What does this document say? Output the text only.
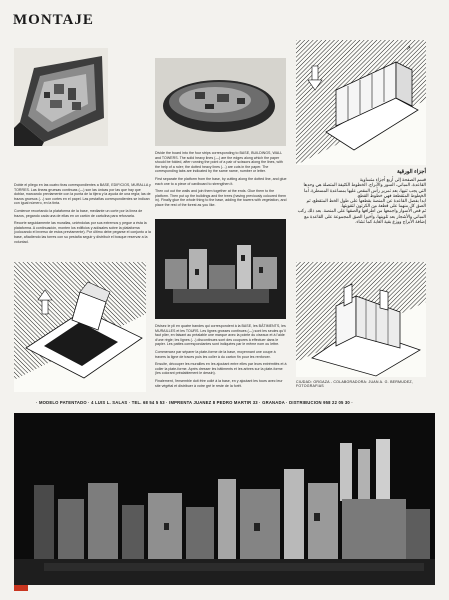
MONTAJE

Doble el pliego en las cuatro tiras correspondientes a BASE, EDIFICIOS, MURALLA y TORRES. Las líneas gruesas continuas (—) son las únicas por las que hay que doblar, marcando previamente con la punta de la tijera y la ayuda de una regla; las de trazos gruesos (- -) son cortes en el papel. Las pestañas correspondientes se indican con igual número, en la tinta.

Comience recortando la plataforma de la base, mediante un corte por la línea de trazos, pegando cada una de ellas en un cartón de cartulina para reforzarla.

Recorte seguidamente las murallas, uniéndolas por sus extremos y pegue a ésta la plataforma. A continuación, monten los edificios y adósales sobre la plataforma (colocando el inverso de estos previamente). Por último debe pegarse el conjunto a la base, añadiendo las torres con su pestaña seguir y distribuir el bosque reservar a la voluntad.

Divide the board into the four strips corresponding to BASE, BUILDINGS, WALL and TOWERS. The solid heavy lines (—) are the edges along which the paper should be folded, after running the point of a pair of scissors along the lines, with the help of a ruler; the dotted heavy lines (- -) are cuts in the paper. The corresponding tabs are indicated by the same name, number or letter.

First separate the platform from the base, by cutting along the dotted line, and glue each one to a piece of cardboard to strengthen it.

Then cut out the walls and join them together at the ends. Glue them to the platform. Then put up the buildings and the trees (having previously coloured them in). Finally glue the whole thing to the base, adding the towers with vegetation, and place the rest of the forest as you like.

↗
أجزاء الورقية
قسم الصفحة إلى أربع أجزاء متساوية
القاعدة، المباني، السور والأبراج. الخطوط الكثيفة المتصلة هي وحدها التي يجب ثنيها، بعد تمرير رأس المقص عليها بمساعدة المسطرة. أما الخطوط المتقطعة فهي خطوط القطع.
ابدأ بفصل القاعدة عن المنصة بقطعها على طول الخط المتقطع، ثم الصق كل منهما على قطعة من الكرتون لتقويتها.
ثم قص الأسوار واجمعها من أطرافها والصقها على المنصة. بعد ذلك ركب المباني والأشجار بعد تلوينها، وأخيرا الصق المجموعة على القاعدة مع إضافة الأبراج ووزع بقية الغابة كما تشاء.

Divisez le pli en quatre bandes qui correspondent à la BASE, les BÂTIMENTS, les MURAILLES et les TOURS. Les lignes grosses continues (—) sont les seules qu'il faut plier, en faisant au préalable une marque avec la pointe du ciseaux et à l'aide d'une règle; les lignes (- -) discontinues sont des coupures à effectuer dans le papier. Les pattes correspondantes sont indiquées par le même nom ou lettre.

Commencez par séparer la plate-forme de la base, moyennant une coupe à travers la ligne de traces puis les coller à du carton fin pour les renforcer.

Ensuite, découper les murailles en les ajoutant entre elles par leurs extrémités et à coller la plate-forme. Après dresser les bâtiments et les arbres sur la plate-forme (les colorant préalablement le dessin).

Finalement, l'ensemble doit être collé à la base, en y ajoutant les tours avec leur site végétal et distribuer à votre gré le reste de la forêt.

CIUDAD: ORGAZA - COLABORADORA: JUAN A. G. BERMUDEZ, FOTOGRAFIAS
· MODELO PATENTADO · 4 LUIS L. SALAS · TEL. 68 54 5 53 · IMPRENTA JUANEZ 8 PEDRO MARTIR 33 · GRANADA · DISTRIBUCION 958 22 05 30 ·
